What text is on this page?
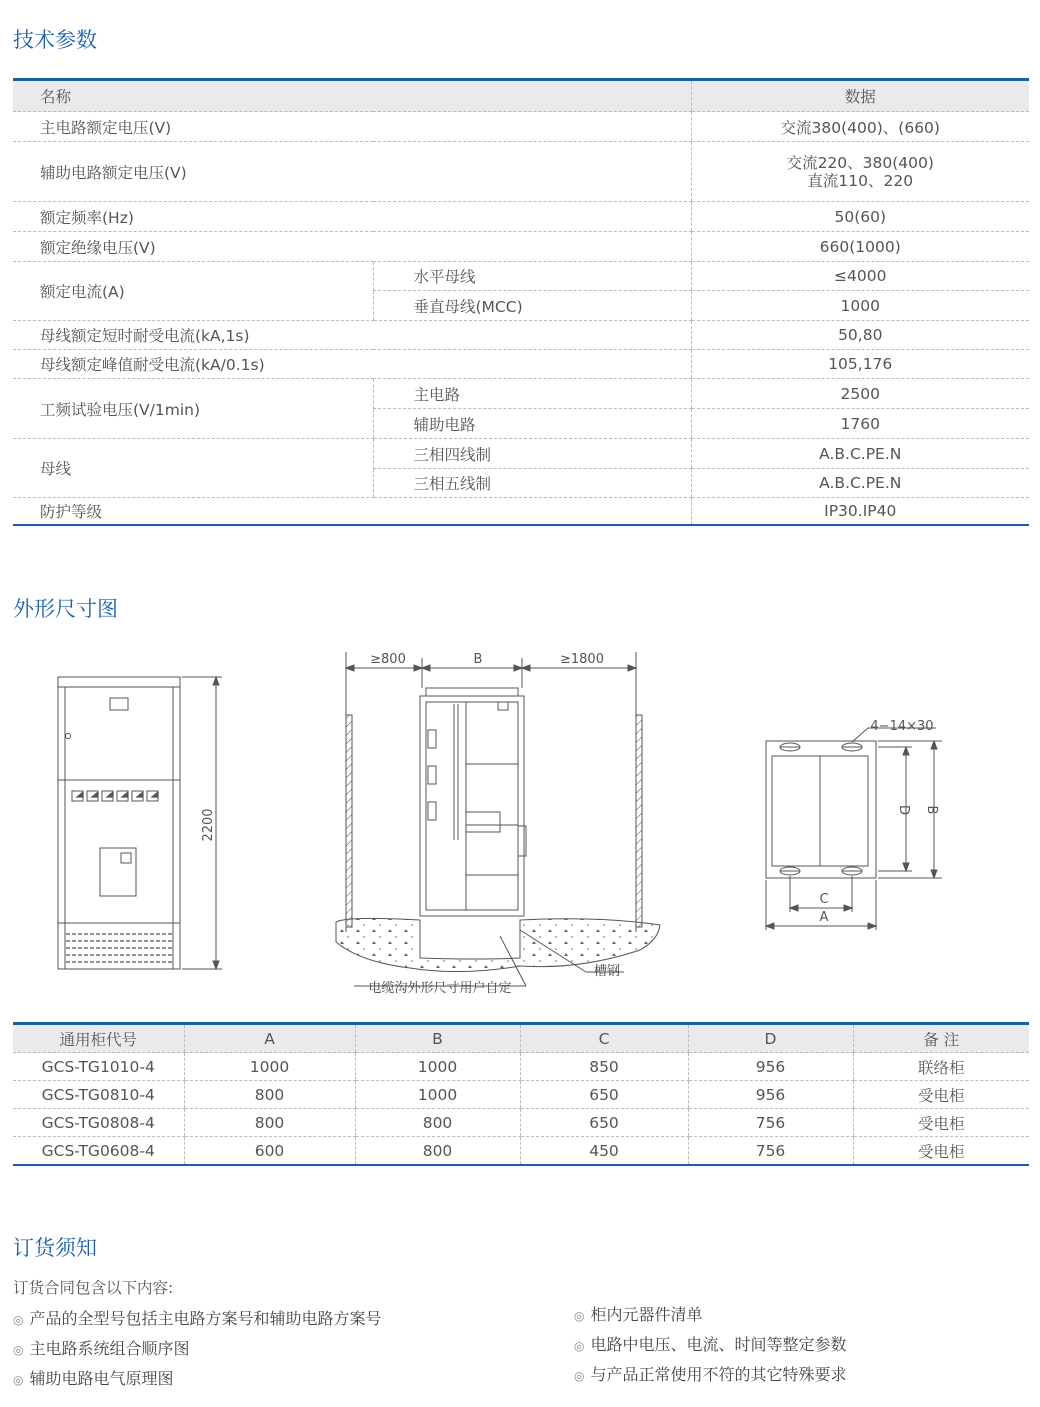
技术参数
名称		数据
主电路额定电压(V)		交流380(400)、(660)
辅助电路额定电压(V)		交流220、380(400)
直流110、220

额定频率(Hz)		50(60)
额定绝缘电压(V)		660(1000)
额定电流(A)	水平母线	≤4000
	垂直母线(MCC)	1000
母线额定短时耐受电流(kA,1s)		50,80
母线额定峰值耐受电流(kA/0.1s)		105,176
工频试验电压(V/1min)	主电路	2500
	辅助电路	1760
母线	三相四线制	A.B.C.PE.N
	三相五线制	A.B.C.PE.N
防护等级		IP30.IP40
外形尺寸图
2200
≥800	B	≥1800
电缆沟外形尺寸用户自定
槽钢
4−14×30
D B
C
A
通用柜代号	A	B	C	D	备 注
GCS-TG1010-4	1000	1000	850	956	联络柜
GCS-TG0810-4	800	1000	650	956	受电柜
GCS-TG0808-4	800	800	650	756	受电柜
GCS-TG0608-4	600	800	450	756	受电柜
订货须知
订货合同包含以下内容:
◎ 产品的全型号包括主电路方案号和辅助电路方案号
◎ 主电路系统组合顺序图
◎ 辅助电路电气原理图
◎ 柜内元器件清单
◎ 电路中电压、电流、时间等整定参数
◎ 与产品正常使用不符的其它特殊要求
